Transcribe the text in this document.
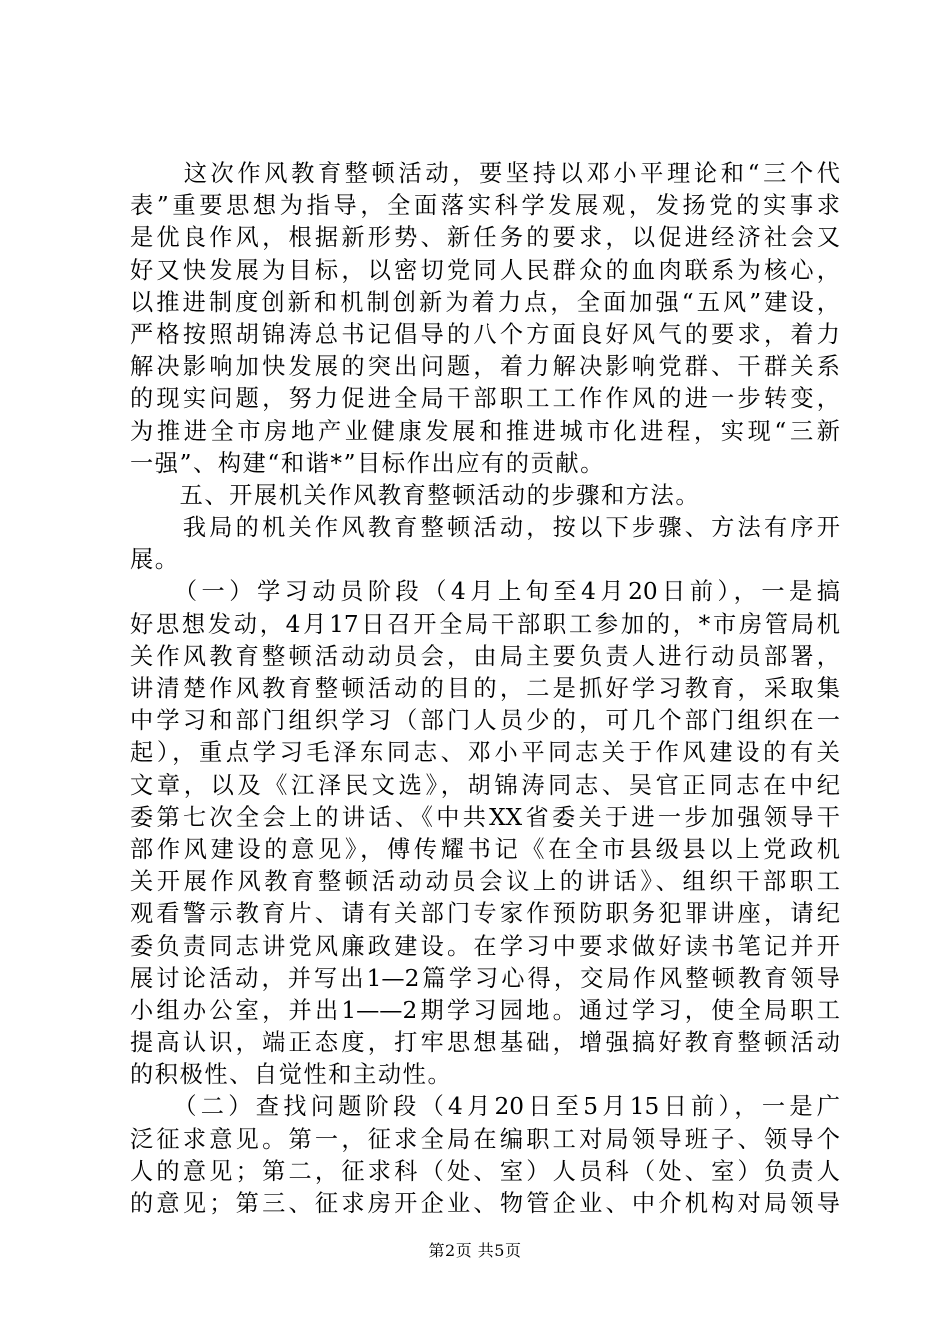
　　这次作风教育整顿活动，要坚持以邓小平理论和“三个代
表”重要思想为指导，全面落实科学发展观，发扬党的实事求
是优良作风，根据新形势、新任务的要求，以促进经济社会又
好又快发展为目标，以密切党同人民群众的血肉联系为核心，
以推进制度创新和机制创新为着力点，全面加强“五风”建设，
严格按照胡锦涛总书记倡导的八个方面良好风气的要求，着力
解决影响加快发展的突出问题，着力解决影响党群、干群关系
的现实问题，努力促进全局干部职工工作作风的进一步转变，
为推进全市房地产业健康发展和推进城市化进程，实现“三新
一强”、构建“和谐*”目标作出应有的贡献。
　　五、开展机关作风教育整顿活动的步骤和方法。
　　我局的机关作风教育整顿活动，按以下步骤、方法有序开
展。
　　（一）学习动员阶段（4月上旬至4月20日前），一是搞
好思想发动，4月17日召开全局干部职工参加的，*市房管局机
关作风教育整顿活动动员会，由局主要负责人进行动员部署，
讲清楚作风教育整顿活动的目的，二是抓好学习教育，采取集
中学习和部门组织学习（部门人员少的，可几个部门组织在一
起），重点学习毛泽东同志、邓小平同志关于作风建设的有关
文章，以及《江泽民文选》，胡锦涛同志、吴官正同志在中纪
委第七次全会上的讲话、《中共XX省委关于进一步加强领导干
部作风建设的意见》，傅传耀书记《在全市县级县以上党政机
关开展作风教育整顿活动动员会议上的讲话》、组织干部职工
观看警示教育片、请有关部门专家作预防职务犯罪讲座，请纪
委负责同志讲党风廉政建设。在学习中要求做好读书笔记并开
展讨论活动，并写出1—2篇学习心得，交局作风整顿教育领导
小组办公室，并出1——2期学习园地。通过学习，使全局职工
提高认识，端正态度，打牢思想基础，增强搞好教育整顿活动
的积极性、自觉性和主动性。
　　（二）查找问题阶段（4月20日至5月15日前），一是广
泛征求意见。第一，征求全局在编职工对局领导班子、领导个
人的意见；第二，征求科（处、室）人员科（处、室）负责人
的意见；第三、征求房开企业、物管企业、中介机构对局领导
第2页 共5页
